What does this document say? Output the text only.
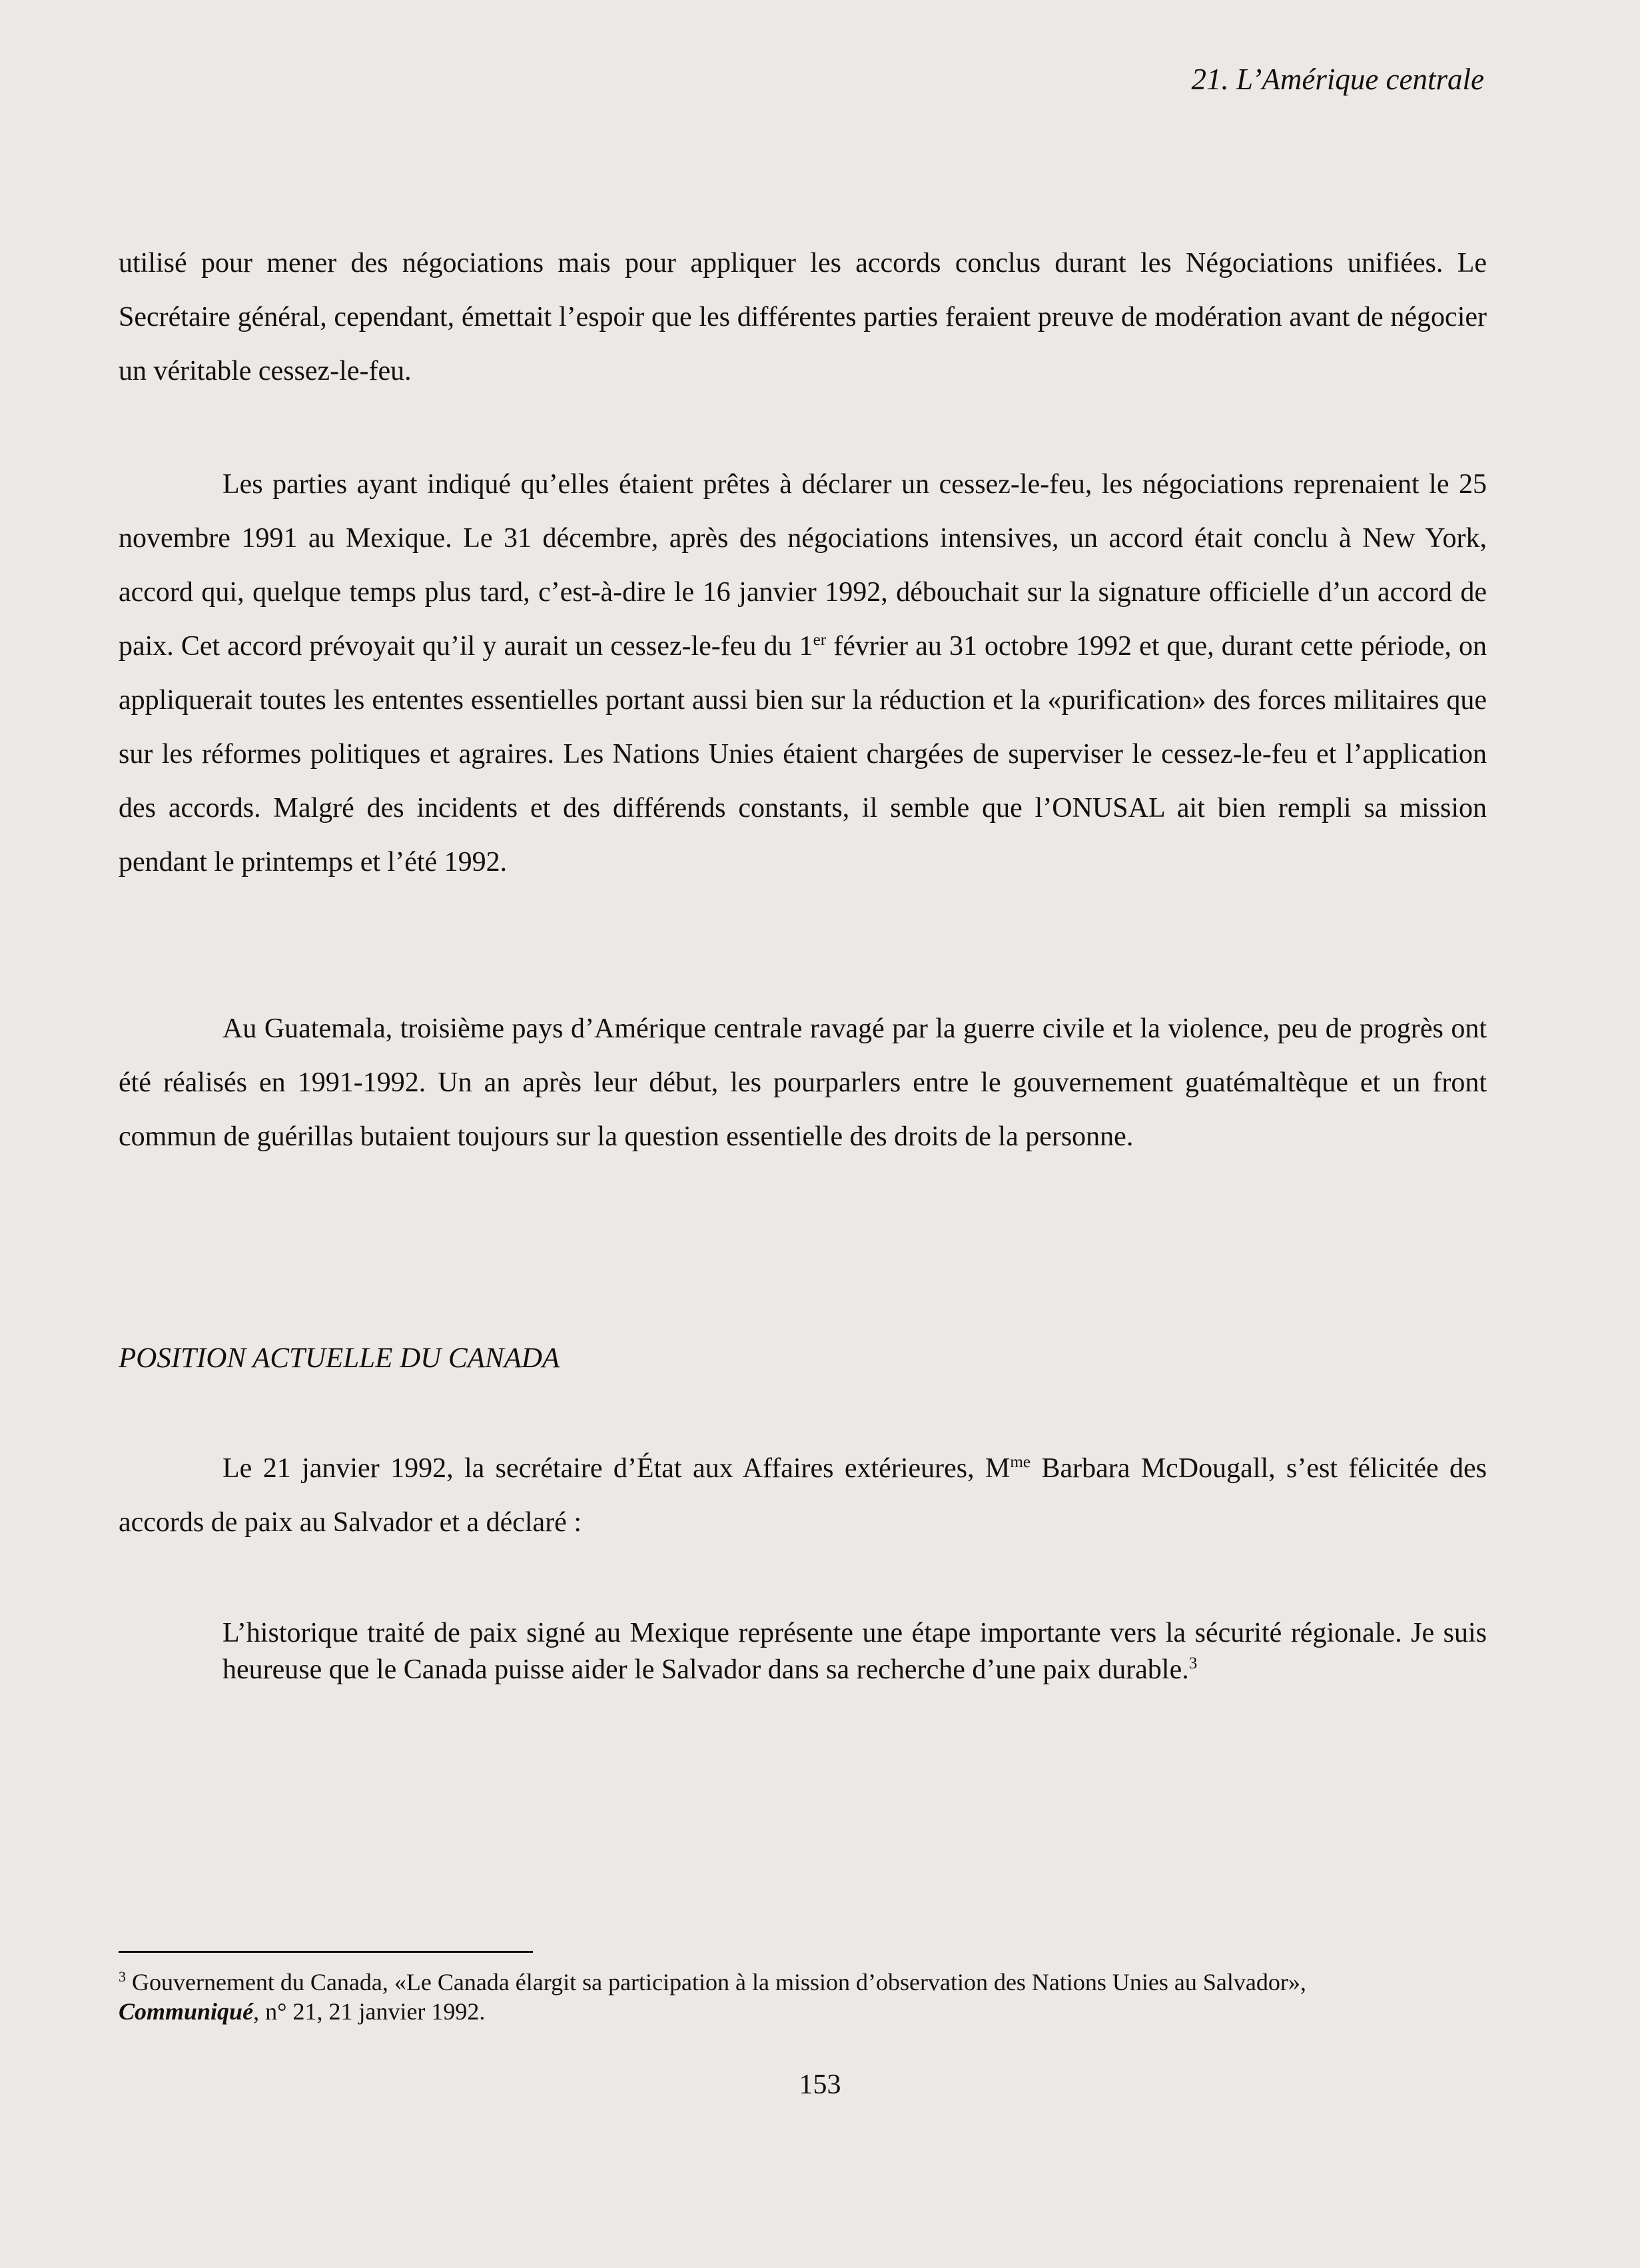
21. L’Amérique centrale

utilisé pour mener des négociations mais pour appliquer les accords conclus durant les Négociations unifiées. Le Secrétaire général, cependant, émettait l’espoir que les différentes parties feraient preuve de modération avant de négocier un véritable cessez-le-feu.

Les parties ayant indiqué qu’elles étaient prêtes à déclarer un cessez-le-feu, les négociations reprenaient le 25 novembre 1991 au Mexique. Le 31 décembre, après des négociations intensives, un accord était conclu à New York, accord qui, quelque temps plus tard, c’est-à-dire le 16 janvier 1992, débouchait sur la signature officielle d’un accord de paix. Cet accord prévoyait qu’il y aurait un cessez-le-feu du 1er février au 31 octobre 1992 et que, durant cette période, on appliquerait toutes les ententes essentielles portant aussi bien sur la réduction et la «purification» des forces militaires que sur les réformes politiques et agraires. Les Nations Unies étaient chargées de superviser le cessez-le-feu et l’application des accords. Malgré des incidents et des différends constants, il semble que l’ONUSAL ait bien rempli sa mission pendant le printemps et l’été 1992.

Au Guatemala, troisième pays d’Amérique centrale ravagé par la guerre civile et la violence, peu de progrès ont été réalisés en 1991-1992. Un an après leur début, les pourparlers entre le gouvernement guatémaltèque et un front commun de guérillas butaient toujours sur la question essentielle des droits de la personne.

POSITION ACTUELLE DU CANADA

Le 21 janvier 1992, la secrétaire d’État aux Affaires extérieures, $M^{me}$ Barbara McDougall, s’est félicitée des accords de paix au Salvador et a déclaré :

L’historique traité de paix signé au Mexique représente une étape importante vers la sécurité régionale. Je suis heureuse que le Canada puisse aider le Salvador dans sa recherche d’une paix durable.$^3$

$^3$ Gouvernement du Canada, «Le Canada élargit sa participation à la mission d’observation des Nations Unies au Salvador»,
Communiqué, n° 21, 21 janvier 1992.
153
